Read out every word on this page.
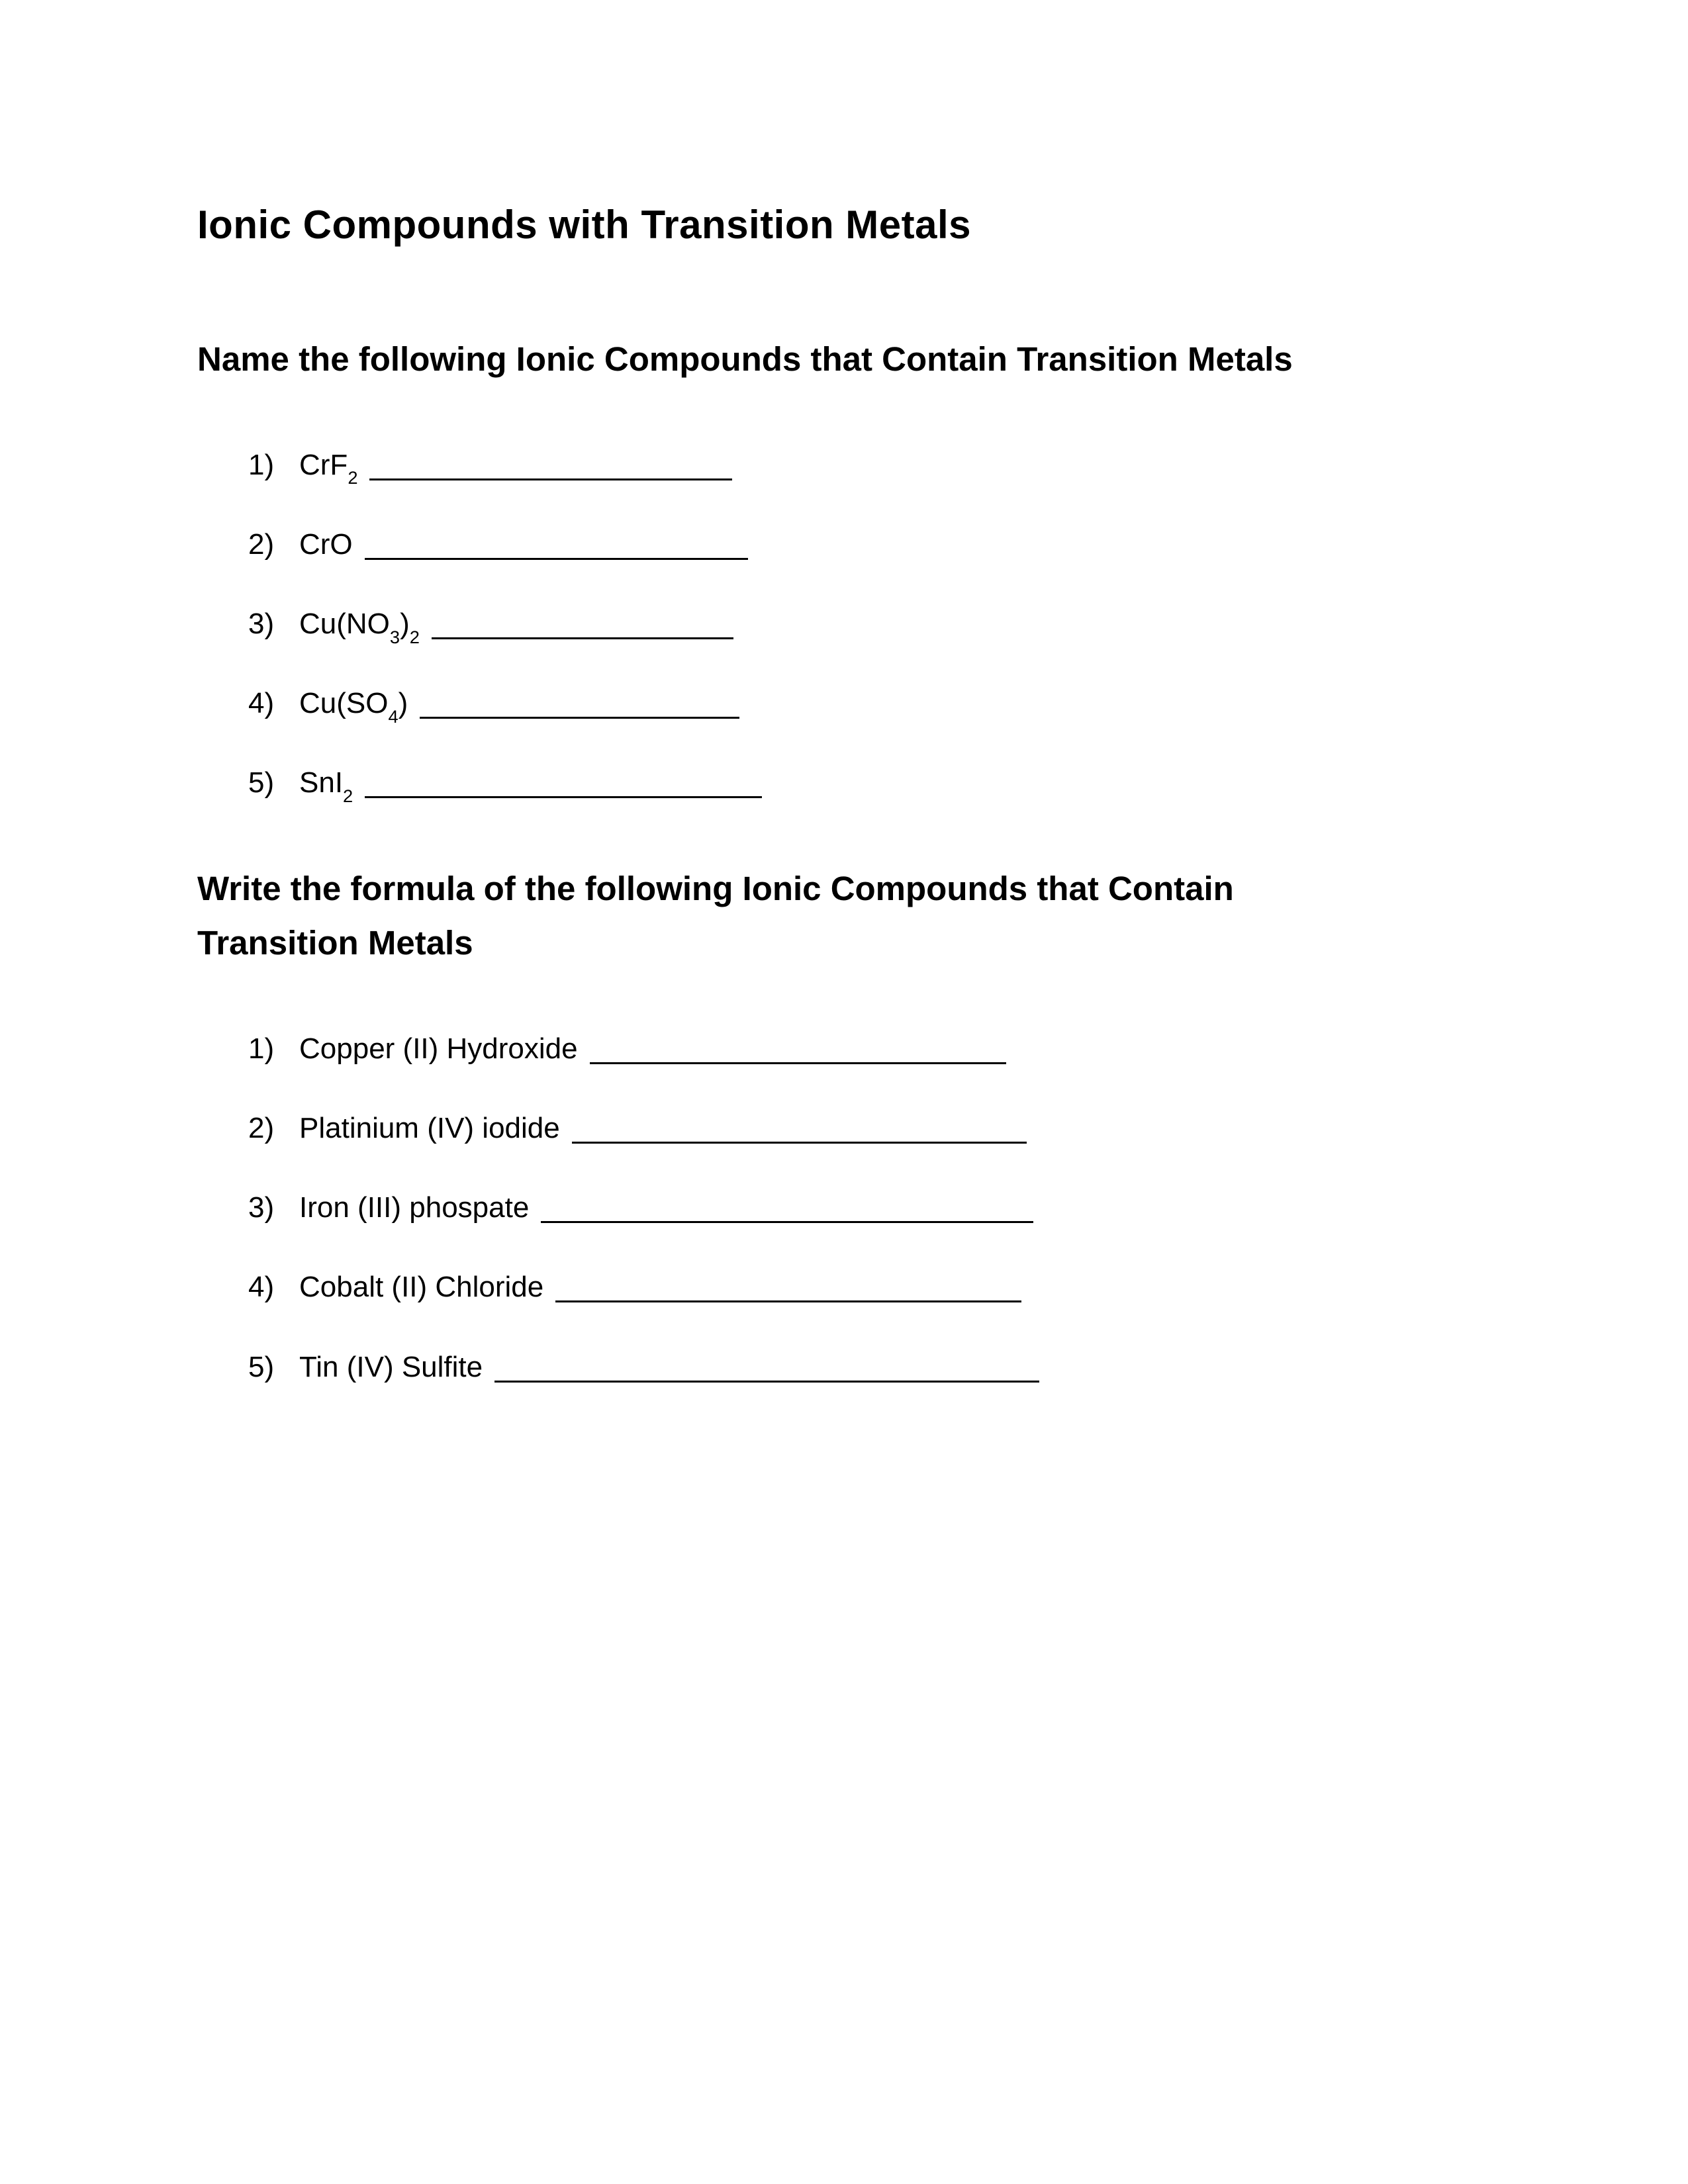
Ionic Compounds with Transition Metals
Name the following Ionic Compounds that Contain Transition Metals
1) CrF$_2$
2) CrO
3) $Cu(NO_3)_2$
4) $Cu(SO_4)$
5) SnI$_2$
Write the formula of the following Ionic Compounds that Contain Transition Metals
1) Copper (II) Hydroxide
2) Platinium (IV) iodide
3) Iron (III) phospate
4) Cobalt (II) Chloride
5) Tin (IV) Sulfite
